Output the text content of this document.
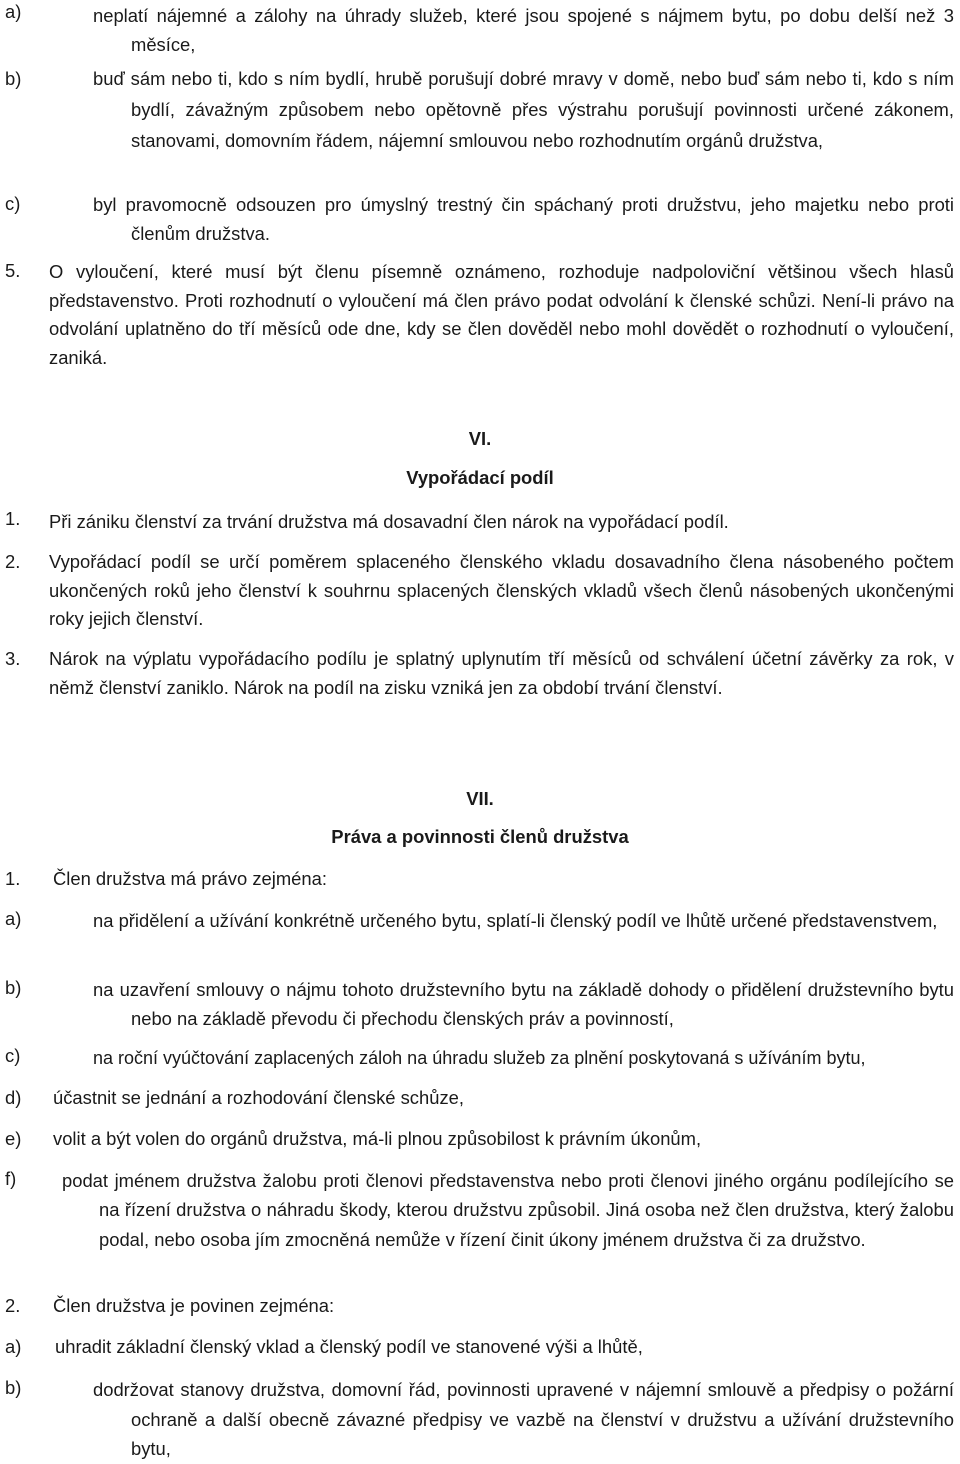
a)	neplatí nájemné a zálohy na úhrady služeb, které jsou spojené s nájmem bytu, po dobu delší než 3 měsíce,
b)	buď sám nebo ti, kdo s ním bydlí, hrubě porušují dobré mravy v domě, nebo buď sám nebo ti, kdo s ním bydlí, závažným způsobem nebo opětovně přes výstrahu porušují povinnosti určené zákonem, stanovami, domovním řádem, nájemní smlouvou nebo rozhodnutím orgánů družstva,
c)	byl pravomocně odsouzen pro úmyslný trestný čin spáchaný proti družstvu, jeho majetku nebo proti členům družstva.
5. O vyloučení, které musí být členu písemně oznámeno, rozhoduje nadpoloviční většinou všech hlasů představenstvo. Proti rozhodnutí o vyloučení má člen právo podat odvolání k členské schůzi. Není-li právo na odvolání uplatněno do tří měsíců ode dne, kdy se člen dověděl nebo mohl dovědět o rozhodnutí o vyloučení, zaniká.
VI.
Vypořádací podíl
1. Při zániku členství za trvání družstva má dosavadní člen nárok na vypořádací podíl.
2. Vypořádací podíl se určí poměrem splaceného členského vkladu dosavadního člena násobeného počtem ukončených roků jeho členství k souhrnu splacených členských vkladů všech členů násobených ukončenými roky jejich členství.
3. Nárok na výplatu vypořádacího podílu je splatný uplynutím tří měsíců od schválení účetní závěrky za rok, v němž členství zaniklo. Nárok na podíl na zisku vzniká jen za období trvání členství.
VII.
Práva a povinnosti členů družstva
1. Člen družstva má právo zejména:
a)	na přidělení a užívání konkrétně určeného bytu, splatí-li členský podíl ve lhůtě určené představenstvem,
b)	na uzavření smlouvy o nájmu tohoto družstevního bytu na základě dohody o přidělení družstevního bytu nebo na základě převodu či přechodu členských práv a povinností,
c)	na roční vyúčtování zaplacených záloh na úhradu služeb za plnění poskytovaná s užíváním bytu,
d) účastnit se jednání a rozhodování členské schůze,
e) volit a být volen do orgánů družstva, má-li plnou způsobilost k právním úkonům,
f) podat jménem družstva žalobu proti členovi představenstva nebo proti členovi jiného orgánu podílejícího se na řízení družstva o náhradu škody, kterou družstvu způsobil. Jiná osoba než člen družstva, který žalobu podal, nebo osoba jím zmocněná nemůže v řízení činit úkony jménem družstva či za družstvo.
2. Člen družstva je povinen zejména:
a) uhradit základní členský vklad a členský podíl ve stanovené výši a lhůtě,
b)	dodržovat stanovy družstva, domovní řád, povinnosti upravené v nájemní smlouvě a předpisy o požární ochraně a další obecně závazné předpisy ve vazbě na členství v družstvu a užívání družstevního bytu,
